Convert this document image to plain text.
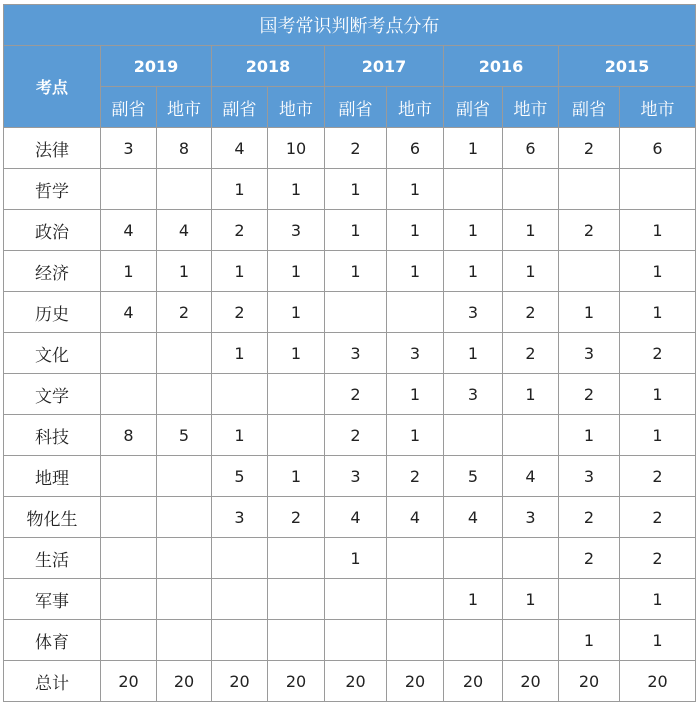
国考常识判断考点分布										
考点	2019		2018		2017		2016		2015	
	副省	地市	副省	地市	副省	地市	副省	地市	副省	地市
法律	3	8	4	10	2	6	1	6	2	6
哲学			1	1	1	1				
政治	4	4	2	3	1	1	1	1	2	1
经济	1	1	1	1	1	1	1	1		1
历史	4	2	2	1			3	2	1	1
文化			1	1	3	3	1	2	3	2
文学					2	1	3	1	2	1
科技	8	5	1		2	1			1	1
地理			5	1	3	2	5	4	3	2
物化生			3	2	4	4	4	3	2	2
生活					1				2	2
军事							1	1		1
体育									1	1
总计	20	20	20	20	20	20	20	20	20	20
